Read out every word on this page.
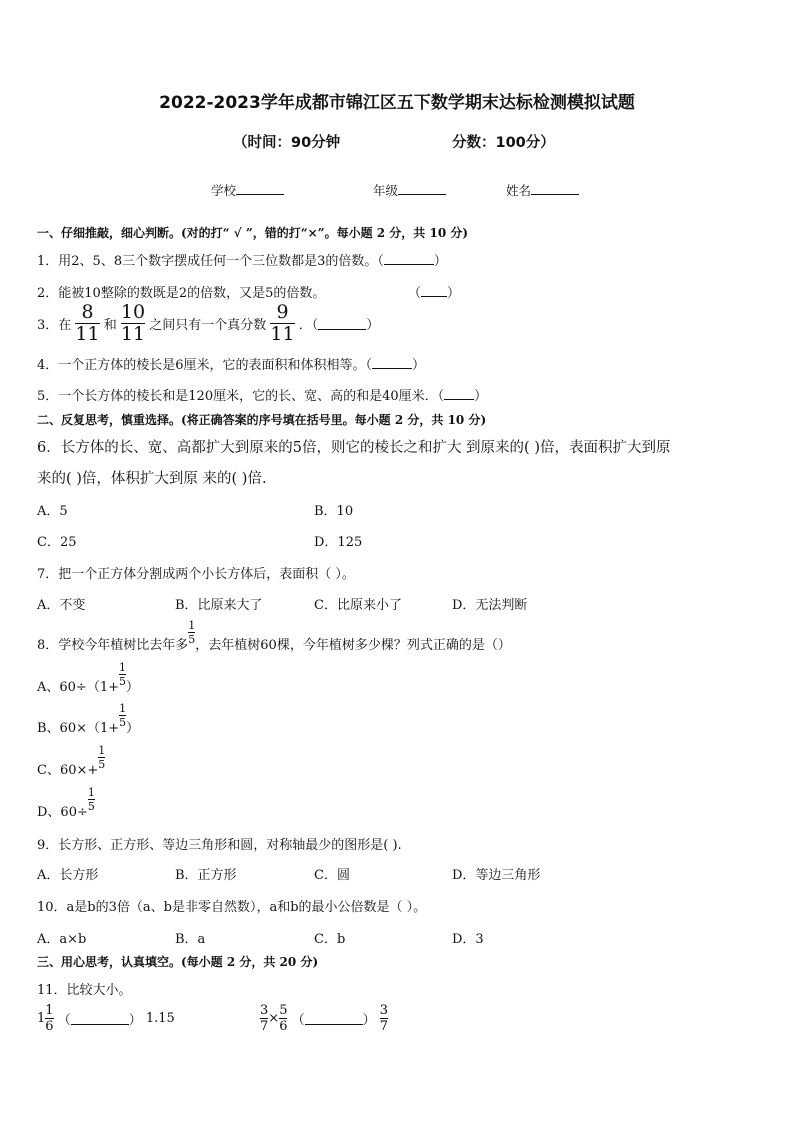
2022-2023学年成都市锦江区五下数学期末达标检测模拟试题
（时间：90分钟	分数：100分）
学校	年级	姓名
一、仔细推敲，细心判断。(对的打“ √ ”，错的打“×”。每小题 2 分，共 10 分)
1．用2、5、8三个数字摆成任何一个三位数都是3的倍数。（	）
2．能被10整除的数既是2的倍数，又是5的倍数。	（ ）
3．在 $\frac{8}{11}$ 和 $\frac{10}{11}$ 之间只有一个真分数 $\frac{9}{11}$ ．（	）
4．一个正方体的棱长是6厘米，它的表面积和体积相等。（	）
5．一个长方体的棱长和是120厘米，它的长、宽、高的和是40厘米．（ ）
二、反复思考，慎重选择。(将正确答案的序号填在括号里。每小题 2 分，共 10 分)
6．长方体的长、宽、高都扩大到原来的5倍，则它的棱长之和扩大 到原来的( )倍，表面积扩大到原
来的( )倍，体积扩大到原 来的( )倍.
A．5	B．10
C．25	D．125
7．把一个正方体分割成两个小长方体后，表面积（ ）。
A．不变	B．比原来大了	C．比原来小了	D．无法判断
8．学校今年植树比去年多
$\frac{1}{5}$
，去年植树60棵，今年植树多少棵？列式正确的是（）
A、60÷（1+
$\frac{1}{5}$
）
B、60×（1+
$\frac{1}{5}$
）
C、60×+
$\frac{1}{5}$
D、60÷
$\frac{1}{5}$
9．长方形、正方形、等边三角形和圆，对称轴最少的图形是( ).
A．长方形	B．正方形	C．圆	D．等边三角形
10．a是b的3倍（a、b是非零自然数），a和b的最小公倍数是（ ）。
A．a×b	B．a	C．b	D．3
三、用心思考，认真填空。(每小题 2 分，共 20 分)
11．比较大小。
$1 \frac{1}{6}$ （	） 1.15	$\frac{3}{7} \times \frac{5}{6}$ （	） $\frac{3}{7}$
